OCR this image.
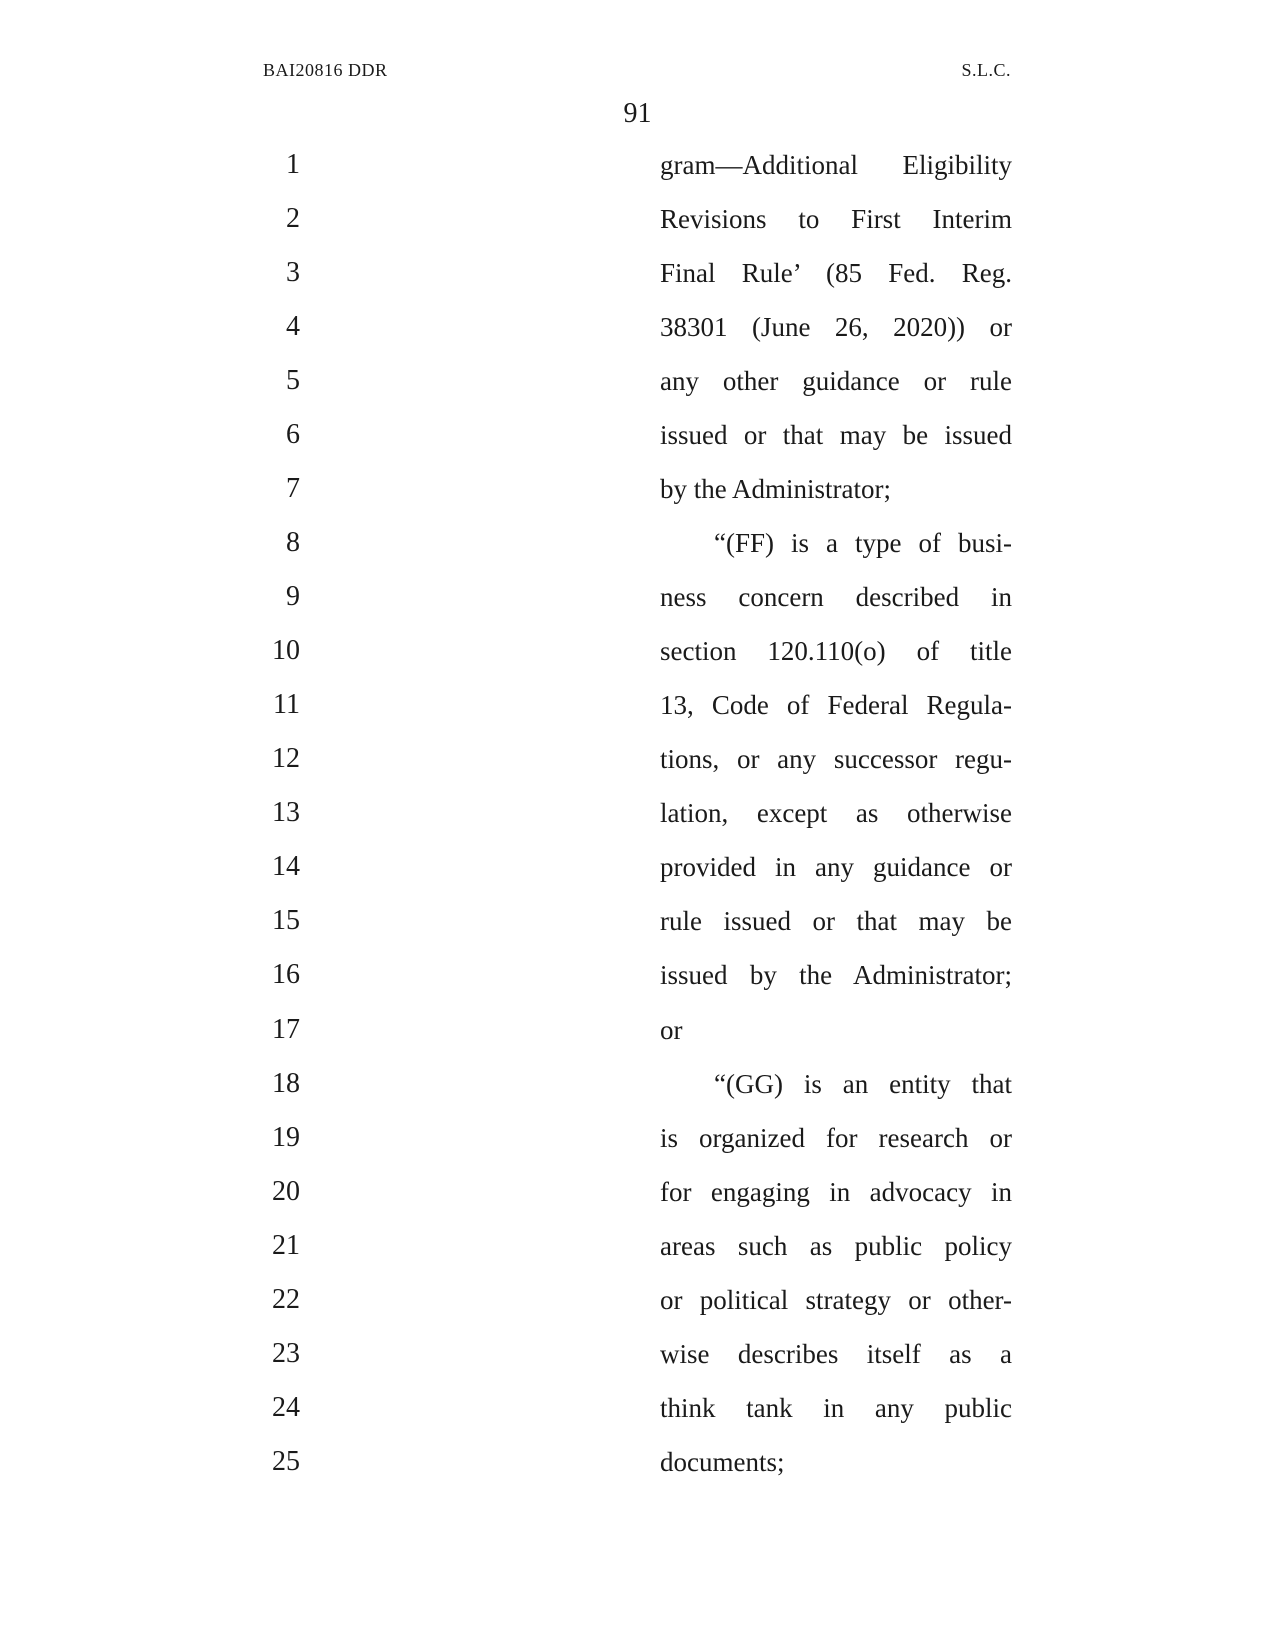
BAI20816 DDR	S.L.C.
91
1
2
3
4
5
6
7
8
9
10
11
12
13
14
15
16
17
18
19
20
21
22
23
24
25
gram—Additional Eligibility
Revisions to First Interim
Final Rule’ (85 Fed. Reg.
38301 (June 26, 2020)) or
any other guidance or rule
issued or that may be issued
by the Administrator;
“(FF) is a type of busi-
ness concern described in
section 120.110(o) of title
13, Code of Federal Regula-
tions, or any successor regu-
lation, except as otherwise
provided in any guidance or
rule issued or that may be
issued by the Administrator;
or
“(GG) is an entity that
is organized for research or
for engaging in advocacy in
areas such as public policy
or political strategy or other-
wise describes itself as a
think tank in any public
documents;
